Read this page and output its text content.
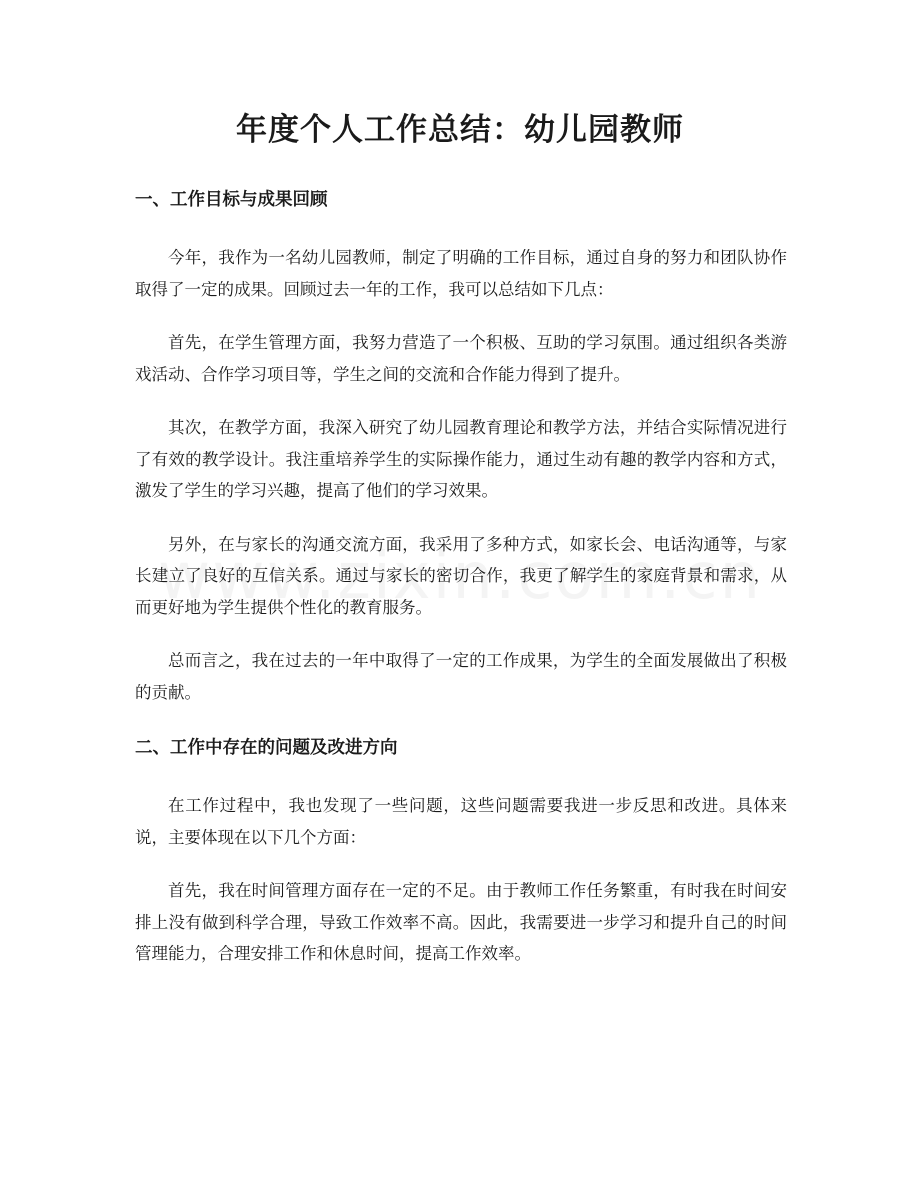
年度个人工作总结：幼儿园教师
一、工作目标与成果回顾

今年，我作为一名幼儿园教师，制定了明确的工作目标，通过自身的努力和团队协作取得了一定的成果。回顾过去一年的工作，我可以总结如下几点：

首先，在学生管理方面，我努力营造了一个积极、互助的学习氛围。通过组织各类游戏活动、合作学习项目等，学生之间的交流和合作能力得到了提升。

其次，在教学方面，我深入研究了幼儿园教育理论和教学方法，并结合实际情况进行了有效的教学设计。我注重培养学生的实际操作能力，通过生动有趣的教学内容和方式，激发了学生的学习兴趣，提高了他们的学习效果。

另外，在与家长的沟通交流方面，我采用了多种方式，如家长会、电话沟通等，与家长建立了良好的互信关系。通过与家长的密切合作，我更了解学生的家庭背景和需求，从而更好地为学生提供个性化的教育服务。

总而言之，我在过去的一年中取得了一定的工作成果，为学生的全面发展做出了积极的贡献。

二、工作中存在的问题及改进方向

在工作过程中，我也发现了一些问题，这些问题需要我进一步反思和改进。具体来说，主要体现在以下几个方面：

首先，我在时间管理方面存在一定的不足。由于教师工作任务繁重，有时我在时间安排上没有做到科学合理，导致工作效率不高。因此，我需要进一步学习和提升自己的时间管理能力，合理安排工作和休息时间，提高工作效率。
